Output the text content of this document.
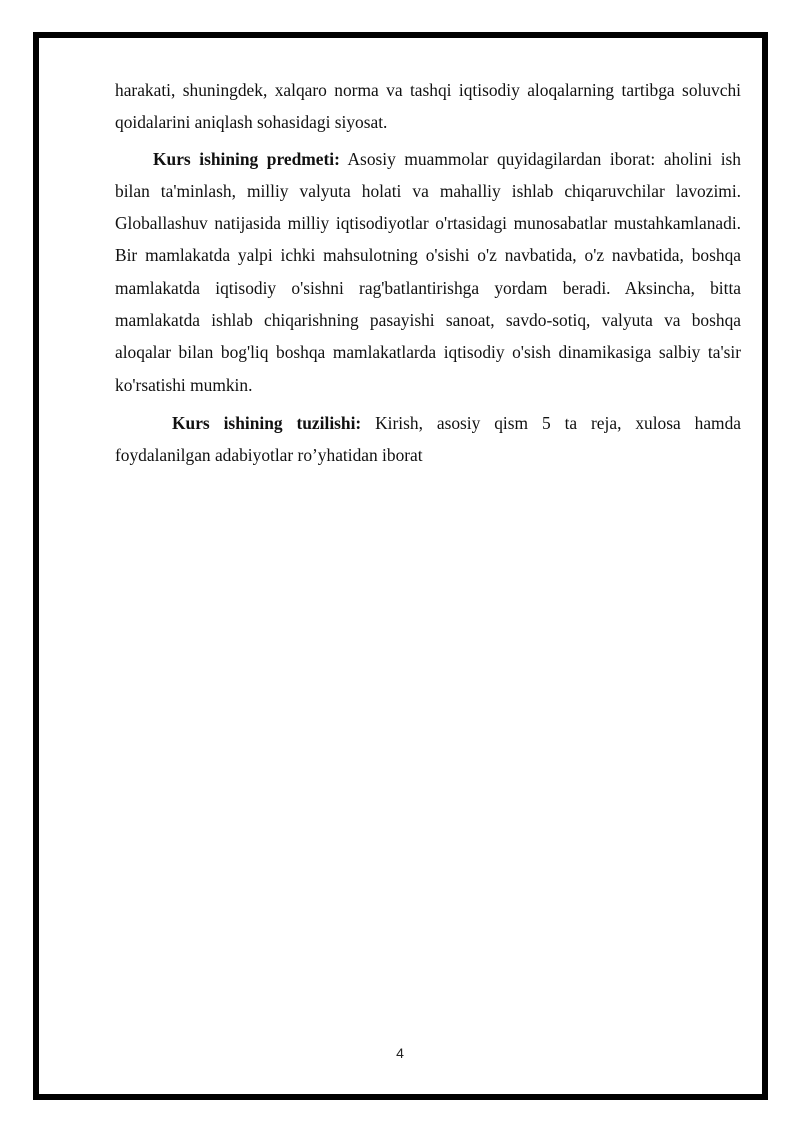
harakati, shuningdek, xalqaro norma va tashqi iqtisodiy aloqalarning tartibga soluvchi qoidalarini aniqlash sohasidagi siyosat.

Kurs ishining predmeti: Asosiy muammolar quyidagilardan iborat: aholini ish bilan ta'minlash, milliy valyuta holati va mahalliy ishlab chiqaruvchilar lavozimi. Globallashuv natijasida milliy iqtisodiyotlar o'rtasidagi munosabatlar mustahkamlanadi. Bir mamlakatda yalpi ichki mahsulotning o'sishi o'z navbatida, o'z navbatida, boshqa mamlakatda iqtisodiy o'sishni rag'batlantirishga yordam beradi. Aksincha, bitta mamlakatda ishlab chiqarishning pasayishi sanoat, savdo-sotiq, valyuta va boshqa aloqalar bilan bog'liq boshqa mamlakatlarda iqtisodiy o'sish dinamikasiga salbiy ta'sir ko'rsatishi mumkin.

Kurs ishining tuzilishi: Kirish, asosiy qism 5 ta reja, xulosa hamda foydalanilgan adabiyotlar ro’yhatidan iborat

4
